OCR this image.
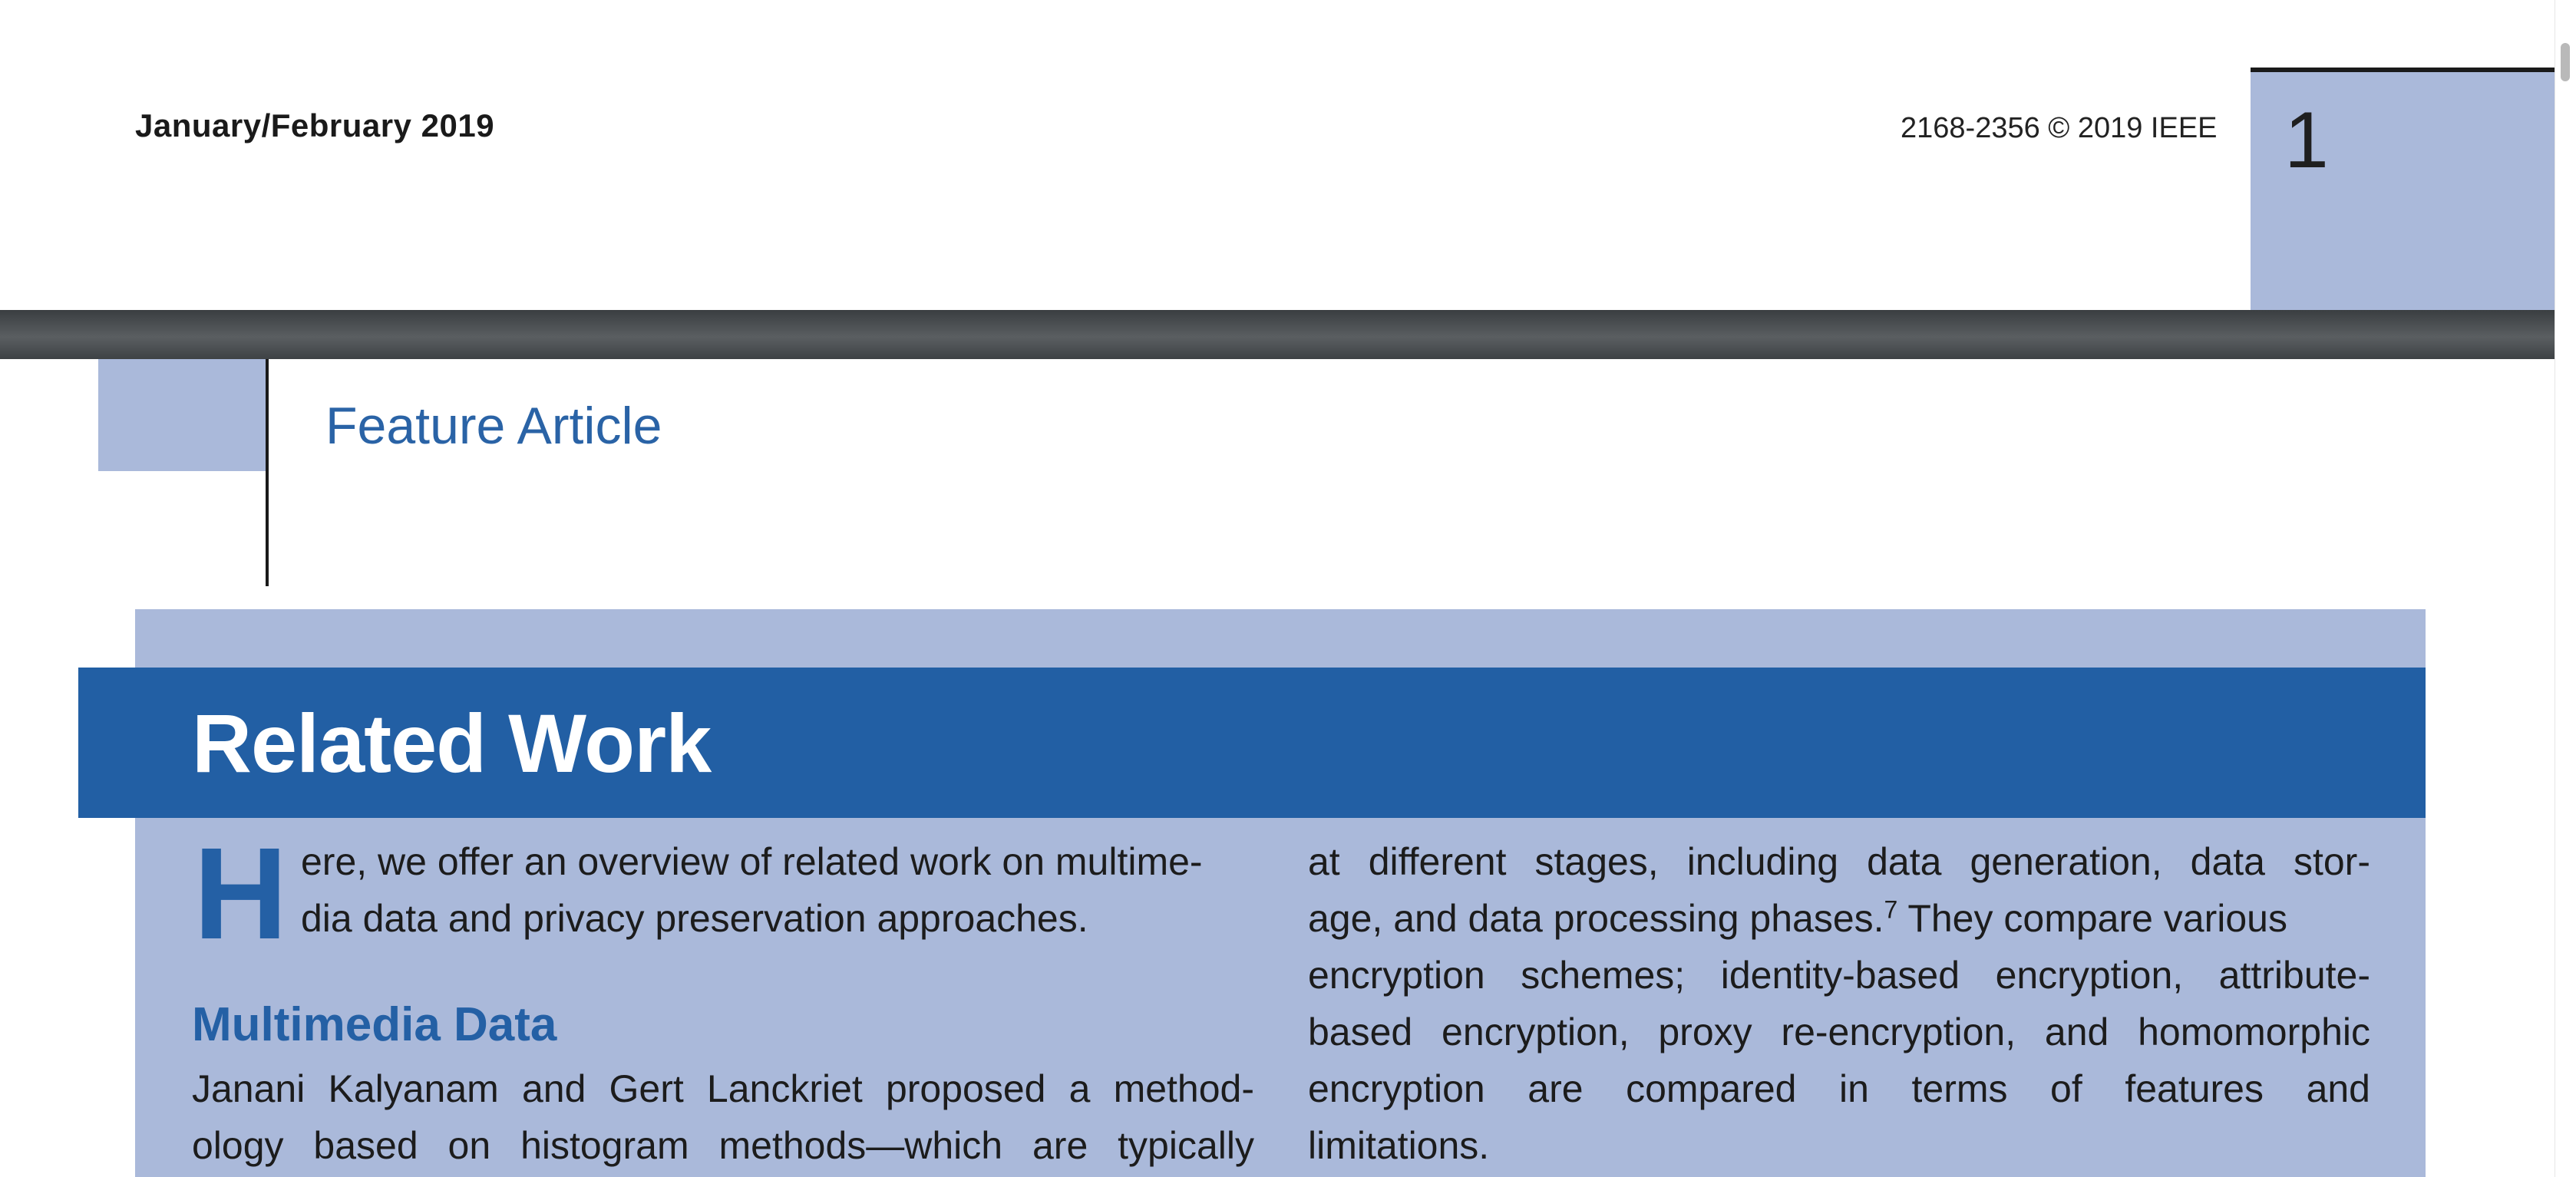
January/February 2019	2168-2356 © 2019 IEEE 1
Feature Article
Related Work
H ere, we offer an overview of related work on multime-
dia data and privacy preservation approaches.
Multimedia Data
Janani Kalyanam and Gert Lanckriet proposed a method-
ology based on histogram methods—which are typically
at different stages, including data generation, data stor-
age, and data processing phases.$^7$ They compare various
encryption schemes; identity-based encryption, attribute-
based encryption, proxy re-encryption, and homomorphic
encryption are compared in terms of features and
limitations.
